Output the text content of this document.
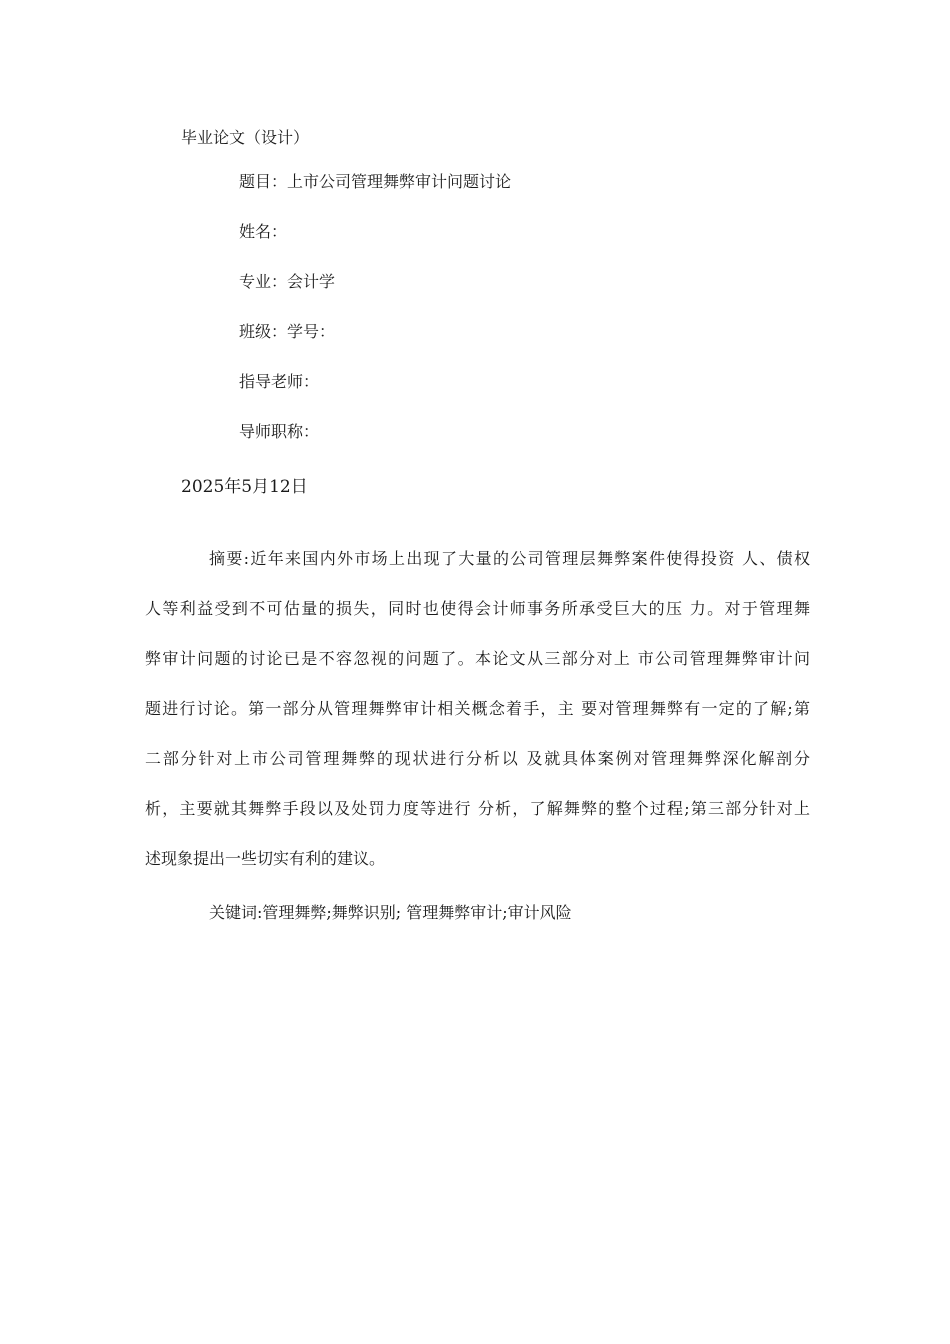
毕业论文（设计）
题目：上市公司管理舞弊审计问题讨论
姓名：
专业：会计学
班级：学号：
指导老师：
导师职称：
2025年5月12日
摘要:近年来国内外市场上出现了大量的公司管理层舞弊案件使得投资 人、债权
人等利益受到不可估量的损失，同时也使得会计师事务所承受巨大的压 力。对于管理舞
弊审计问题的讨论已是不容忽视的问题了。本论文从三部分对上 市公司管理舞弊审计问
题进行讨论。第一部分从管理舞弊审计相关概念着手，主 要对管理舞弊有一定的了解;第
二部分针对上市公司管理舞弊的现状进行分析以 及就具体案例对管理舞弊深化解剖分
析，主要就其舞弊手段以及处罚力度等进行 分析，了解舞弊的整个过程;第三部分针对上
述现象提出一些切实有利的建议。
关键词:管理舞弊;舞弊识别; 管理舞弊审计;审计风险
